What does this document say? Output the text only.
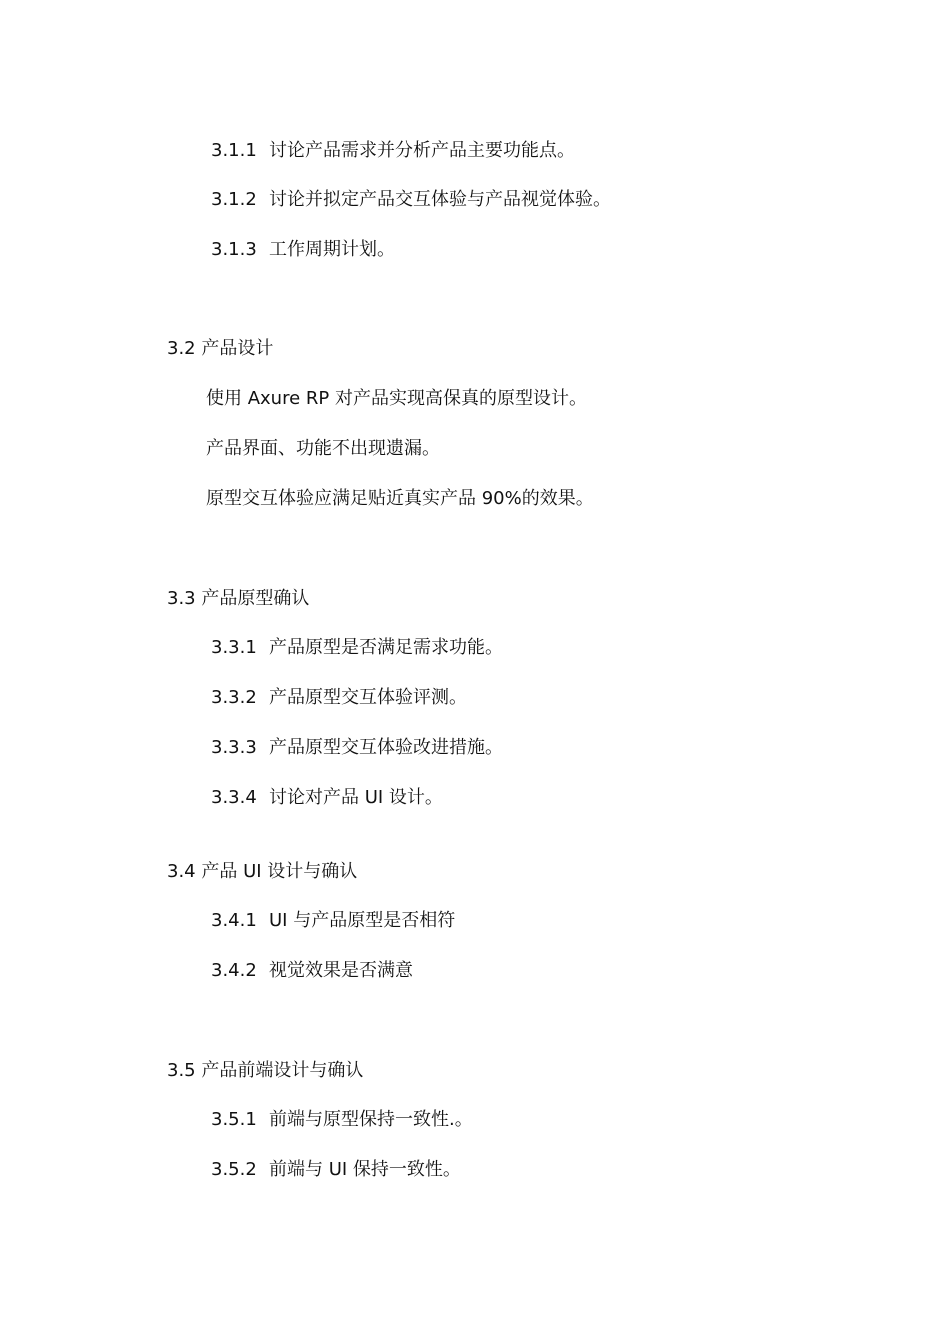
3.1.1 讨论产品需求并分析产品主要功能点。
3.1.2 讨论并拟定产品交互体验与产品视觉体验。
3.1.3 工作周期计划。
3.2 产品设计
使用 Axure RP 对产品实现高保真的原型设计。
产品界面、功能不出现遗漏。
原型交互体验应满足贴近真实产品 90%的效果。
3.3 产品原型确认
3.3.1 产品原型是否满足需求功能。
3.3.2 产品原型交互体验评测。
3.3.3 产品原型交互体验改进措施。
3.3.4 讨论对产品 UI 设计。
3.4 产品 UI 设计与确认
3.4.1 UI 与产品原型是否相符
3.4.2 视觉效果是否满意
3.5 产品前端设计与确认
3.5.1 前端与原型保持一致性.。
3.5.2 前端与 UI 保持一致性。
